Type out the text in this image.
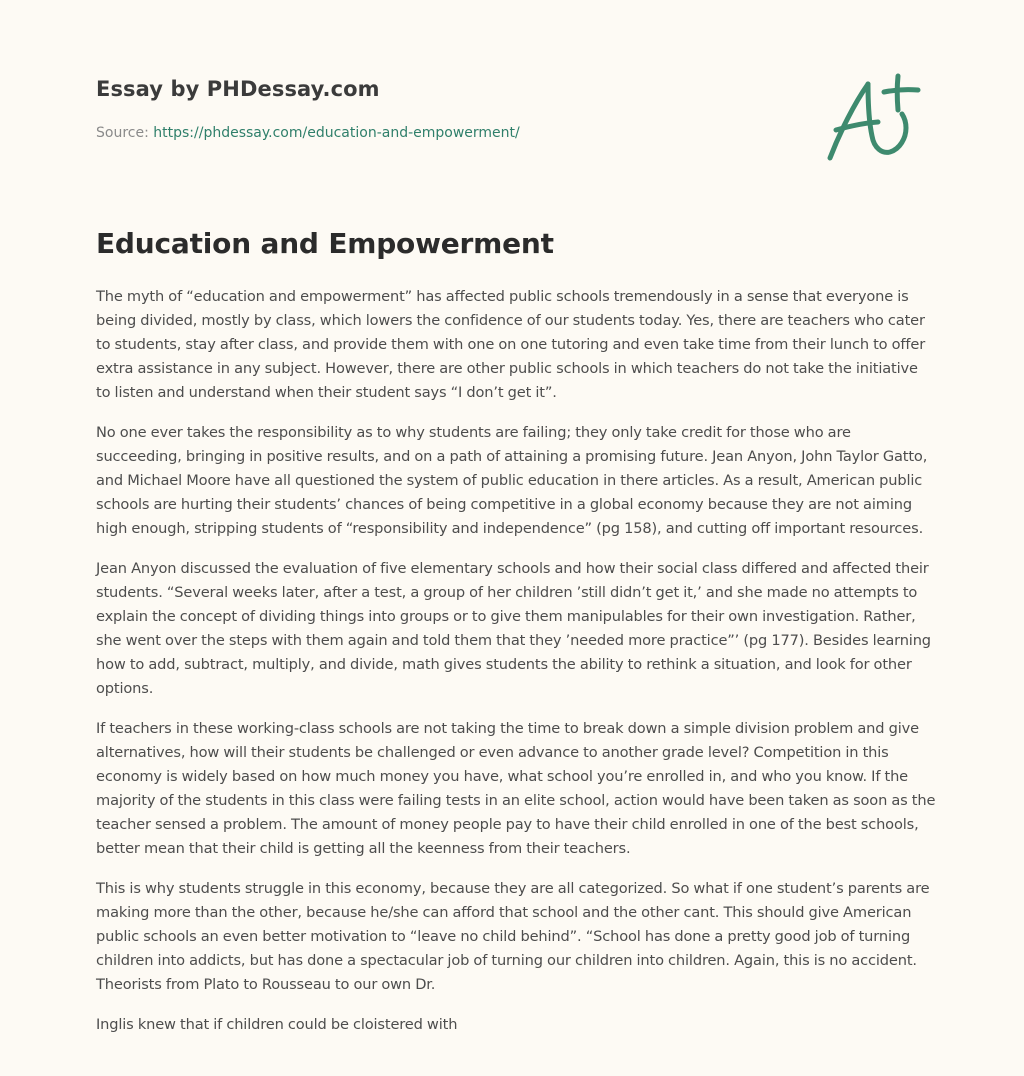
Essay by PHDessay.com
Source: https://phdessay.com/education-and-empowerment/
Education and Empowerment

The myth of “education and empowerment” has affected public schools tremendously in a sense that everyone is being divided, mostly by class, which lowers the confidence of our students today. Yes, there are teachers who cater to students, stay after class, and provide them with one on one tutoring and even take time from their lunch to offer extra assistance in any subject. However, there are other public schools in which teachers do not take the initiative to listen and understand when their student says “I don’t get it”.

No one ever takes the responsibility as to why students are failing; they only take credit for those who are succeeding, bringing in positive results, and on a path of attaining a promising future. Jean Anyon, John Taylor Gatto, and Michael Moore have all questioned the system of public education in there articles. As a result, American public schools are hurting their students’ chances of being competitive in a global economy because they are not aiming high enough, stripping students of “responsibility and independence” (pg 158), and cutting off important resources.

Jean Anyon discussed the evaluation of five elementary schools and how their social class differed and affected their students. “Several weeks later, after a test, a group of her children ’still didn’t get it,’ and she made no attempts to explain the concept of dividing things into groups or to give them manipulables for their own investigation. Rather, she went over the steps with them again and told them that they ’needed more practice”’ (pg 177). Besides learning how to add, subtract, multiply, and divide, math gives students the ability to rethink a situation, and look for other options.

If teachers in these working-class schools are not taking the time to break down a simple division problem and give alternatives, how will their students be challenged or even advance to another grade level? Competition in this economy is widely based on how much money you have, what school you’re enrolled in, and who you know. If the majority of the students in this class were failing tests in an elite school, action would have been taken as soon as the teacher sensed a problem. The amount of money people pay to have their child enrolled in one of the best schools, better mean that their child is getting all the keenness from their teachers.

This is why students struggle in this economy, because they are all categorized. So what if one student’s parents are making more than the other, because he/she can afford that school and the other cant. This should give American public schools an even better motivation to “leave no child behind”. “School has done a pretty good job of turning children into addicts, but has done a spectacular job of turning our children into children. Again, this is no accident. Theorists from Plato to Rousseau to our own Dr.

Inglis knew that if children could be cloistered with
